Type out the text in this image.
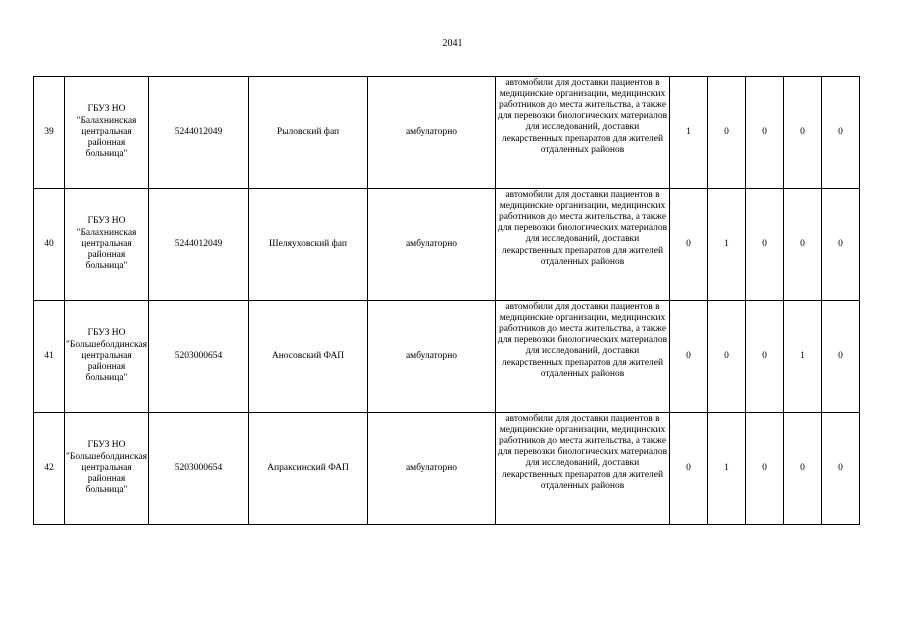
2041
39	ГБУЗ НО "Балахнинская центральная районная больница"	5244012049	Рыловский фап	амбулаторно	автомобили для доставки пациентов в медицинские организации, медицинских работников до места жительства, а также для перевозки биологических материалов для исследований, доставки лекарственных препаратов для жителей отдаленных районов	1	0	0	0	0
40	ГБУЗ НО "Балахнинская центральная районная больница"	5244012049	Шеляуховский фап	амбулаторно	автомобили для доставки пациентов в медицинские организации, медицинских работников до места жительства, а также для перевозки биологических материалов для исследований, доставки лекарственных препаратов для жителей отдаленных районов	0	1	0	0	0
41	ГБУЗ НО "Большеболдинская центральная районная больница"	5203000654	Аносовский ФАП	амбулаторно	автомобили для доставки пациентов в медицинские организации, медицинских работников до места жительства, а также для перевозки биологических материалов для исследований, доставки лекарственных препаратов для жителей отдаленных районов	0	0	0	1	0
42	ГБУЗ НО "Большеболдинская центральная районная больница"	5203000654	Апраксинский ФАП	амбулаторно	автомобили для доставки пациентов в медицинские организации, медицинских работников до места жительства, а также для перевозки биологических материалов для исследований, доставки лекарственных препаратов для жителей отдаленных районов	0	1	0	0	0
